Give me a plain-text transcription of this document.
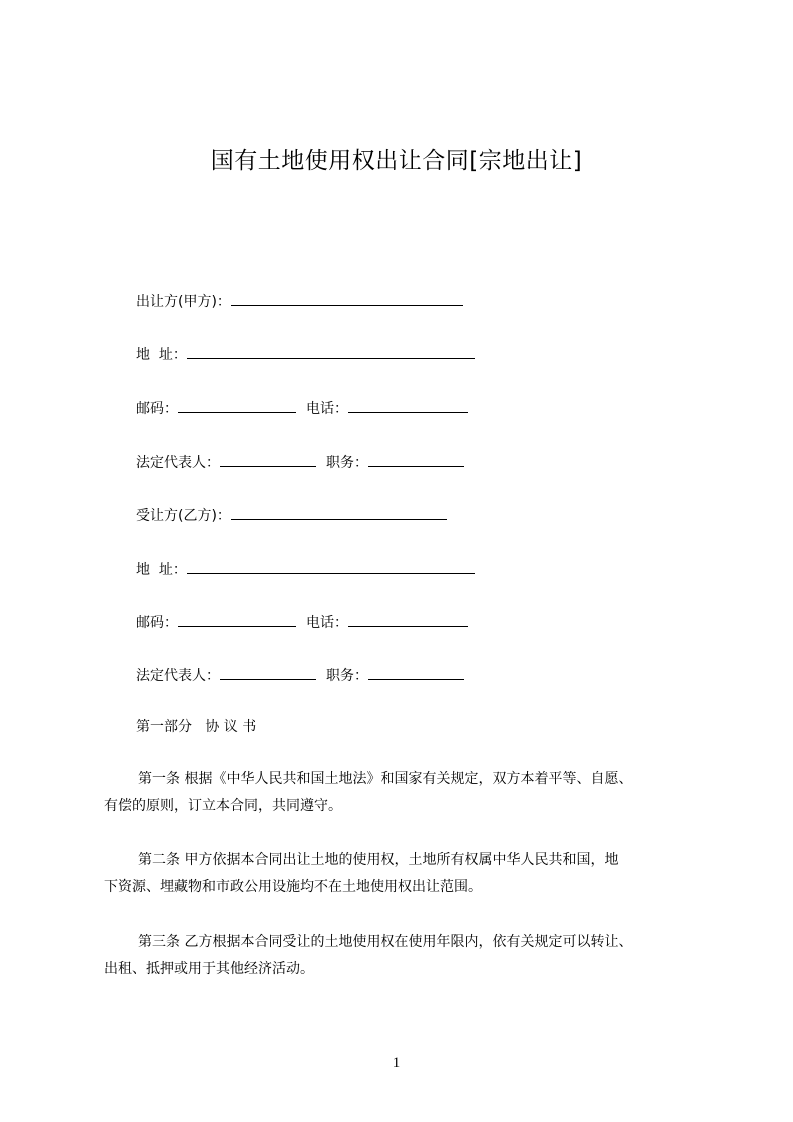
国有土地使用权出让合同[宗地出让]
出让方(甲方)：
地  址：
邮码：	电话：
法定代表人：	职务：
受让方(乙方)：
地  址：
邮码：	电话：
法定代表人：	职务：
第一部分   协 议 书
第一条 根据《中华人民共和国土地法》和国家有关规定，双方本着平等、自愿、
有偿的原则，订立本合同，共同遵守。
第二条 甲方依据本合同出让土地的使用权，土地所有权属中华人民共和国，地
下资源、埋藏物和市政公用设施均不在土地使用权出让范围。
第三条 乙方根据本合同受让的土地使用权在使用年限内，依有关规定可以转让、
出租、抵押或用于其他经济活动。
1
